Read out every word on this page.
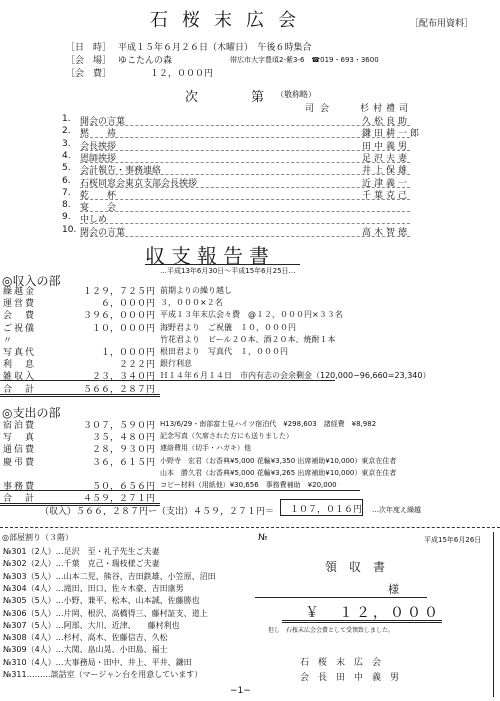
石桜末広会	［配布用資料］
［日　時］ 平成１５年６月２６日（木曜日）　午後６時集合
［会　場］ ゆこたんの森	帯広市大字豊頃2-紫3-6　☎019・693・3600
［会　費］	１２，０００円
次　第
（敬称略）
司会	杉村禮司
1. 開会の言葉	久松良助
2. 黙　　祷	鎌田耕一郎
3. 会長挨拶	田中義男
4. 恩師挨拶	足沢夫妻
5. 会計報告・事務連絡	井上保雄
6. 石桜同窓会東京支部会長挨拶	近津義一
7. 乾　　杯	千葉克己
8. 宴　　会
9. 中しめ
10. 閉会の言葉	高木智徳
収支報告書
…平成13年6月30日〜平成15年6月25日…
◎収入の部
繰越金	１２９，７２５円 前期よりの繰り越し
運営費	６，０００円 ３，０００×２名
会　費	３９６，０００円 平成１３年末広会々費　@１２，０００円×３３名
ご祝儀	１０，０００円 海野君より　ご祝儀　１０，０００円
〃	竹花君より　ビール２０本、酒２０本、焼酎１本
写真代	１，０００円 根田君より　写真代　１，０００円
利　息	２２２円 銀行利息
雑収入	２３，３４０円 Ｈ１４年６月１４日　市内有志の会余剰金（120,000−96,660=23,340）
合　計	５６６，２８７円
◎支出の部
宿泊費	３０７，５９０円 H13/6/29・南部富士見ハイツ宿泊代　¥298,603　諸経費　¥8,982
写　真	３５，４８０円 記念写真（欠席された方にも送りました）
通信費	２８，９３０円 連絡費用（切手・ハガキ）他
慶弔費	３６，６１５円 小野寺　宏君（お香典¥5,000 花輪¥3,350 出席補助¥10,000）東京在住者
山本　勝久君（お香典¥5,000 花輪¥3,265 出席補助¥10,000）東京在住者
事務費	５０，６５６円 コピー材料（用紙他）¥30,656　事務費補助　¥20,000
合　計	４５９，２７１円
（収入）５６６，２８７円ー（支出）４５９，２７１円＝ １０７，０１６円 …次年度え繰越
◎部屋割り（３階）
№301（2人）…足沢　至・礼子先生ご夫妻
№302（2人）…千葉　克己・瑞枝様ご夫妻
№303（5人）…山本二児、熊谷、吉田鉄雄、小笠原、沼田
№304（4人）…滝田、田口、佐々木豪、吉田康男
№305（5人）…小野、兼平、松本、山本誠、佐藤勝也
№306（5人）…片岡、根沢、高橋得三、藤村証支、道上
№307（5人）…阿部、大川、近津、　　藤村利也
№308（4人）…杉村、高木、佐藤信吉、久松
№309（4人）…大関、畠山晃、小田島、福士
№310（4人）…大事務局・田中、井上、平井、鎌田
№311………談話室（マージャン台を用意しています）
№	平成15年6月26日
領　収　書
様
￥　１２，０００
但し　石桜末広会会費として受領致しました。
石　桜　末　広　会
会　長　田　中　義　男
−1−
